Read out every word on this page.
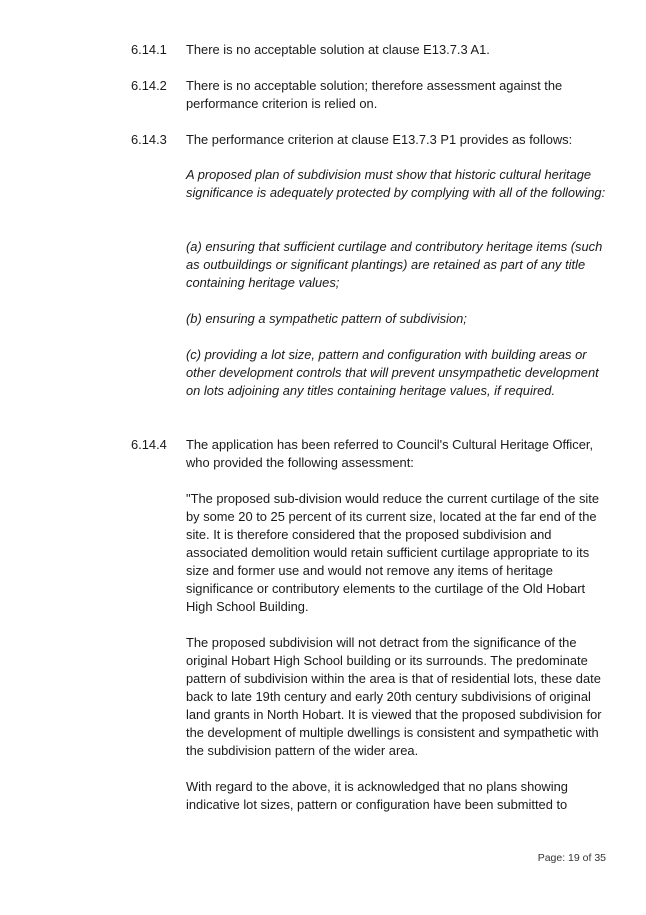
6.14.1	There is no acceptable solution at clause E13.7.3 A1.
6.14.2	There is no acceptable solution; therefore assessment against the performance criterion is relied on.
6.14.3	The performance criterion at clause E13.7.3 P1 provides as follows:

A proposed plan of subdivision must show that historic cultural heritage significance is adequately protected by complying with all of the following:

(a) ensuring that sufficient curtilage and contributory heritage items (such as outbuildings or significant plantings) are retained as part of any title containing heritage values;

(b) ensuring a sympathetic pattern of subdivision;

(c) providing a lot size, pattern and configuration with building areas or other development controls that will prevent unsympathetic development on lots adjoining any titles containing heritage values, if required.

6.14.4	The application has been referred to Council's Cultural Heritage Officer, who provided the following assessment:

"The proposed sub-division would reduce the current curtilage of the site by some 20 to 25 percent of its current size, located at the far end of the site. It is therefore considered that the proposed subdivision and associated demolition would retain sufficient curtilage appropriate to its size and former use and would not remove any items of heritage significance or contributory elements to the curtilage of the Old Hobart High School Building.

The proposed subdivision will not detract from the significance of the original Hobart High School building or its surrounds. The predominate pattern of subdivision within the area is that of residential lots, these date back to late 19th century and early 20th century subdivisions of original land grants in North Hobart. It is viewed that the proposed subdivision for the development of multiple dwellings is consistent and sympathetic with the subdivision pattern of the wider area.

With regard to the above, it is acknowledged that no plans showing indicative lot sizes, pattern or configuration have been submitted to

Page: 19 of 35
